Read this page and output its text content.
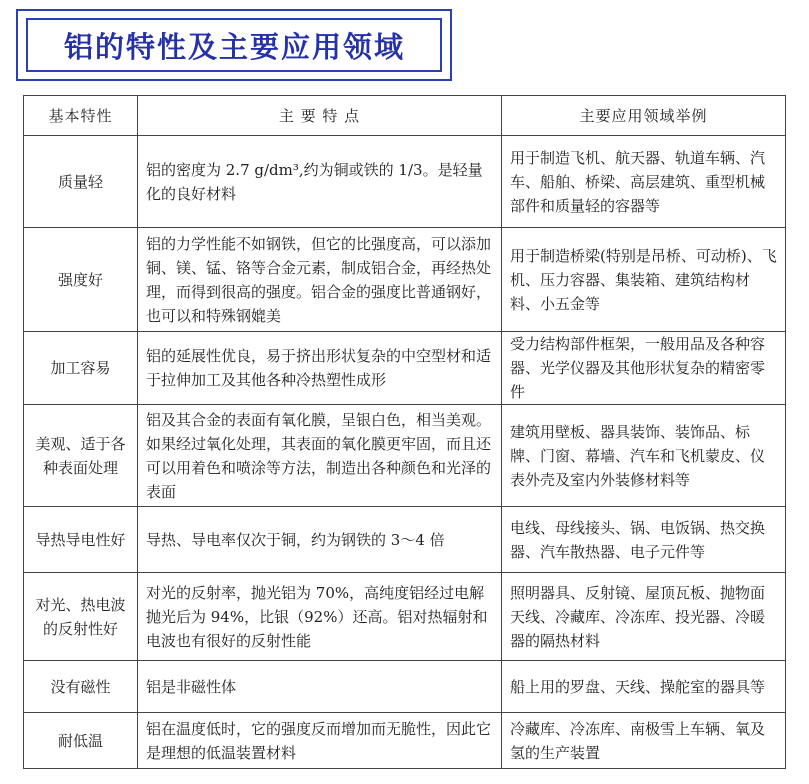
铝的特性及主要应用领域
基本特性	主 要 特 点	主要应用领域举例
质量轻	铝的密度为 2.7 g/dm³,约为铜或铁的 1/3。是轻量化的良好材料	用于制造飞机、航天器、轨道车辆、汽车、船舶、桥梁、高层建筑、重型机械部件和质量轻的容器等
强度好	铝的力学性能不如钢铁，但它的比强度高，可以添加铜、镁、锰、铬等合金元素，制成铝合金，再经热处理，而得到很高的强度。铝合金的强度比普通钢好，也可以和特殊钢媲美	用于制造桥梁(特别是吊桥、可动桥)、飞机、压力容器、集装箱、建筑结构材料、小五金等
加工容易	铝的延展性优良，易于挤出形状复杂的中空型材和适于拉伸加工及其他各种冷热塑性成形	受力结构部件框架，一般用品及各种容器、光学仪器及其他形状复杂的精密零件
美观、适于各种表面处理	铝及其合金的表面有氧化膜，呈银白色，相当美观。如果经过氧化处理，其表面的氧化膜更牢固，而且还可以用着色和喷涂等方法，制造出各种颜色和光泽的表面	建筑用壁板、器具装饰、装饰品、标牌、门窗、幕墙、汽车和飞机蒙皮、仪表外壳及室内外装修材料等
导热导电性好	导热、导电率仅次于铜，约为钢铁的 3～4 倍	电线、母线接头、锅、电饭锅、热交换器、汽车散热器、电子元件等
对光、热电波的反射性好	对光的反射率，抛光铝为 70%，高纯度铝经过电解抛光后为 94%，比银（92%）还高。铝对热辐射和电波也有很好的反射性能	照明器具、反射镜、屋顶瓦板、抛物面天线、冷藏库、冷冻库、投光器、冷暖器的隔热材料
没有磁性	铝是非磁性体	船上用的罗盘、天线、操舵室的器具等
耐低温	铝在温度低时，它的强度反而增加而无脆性，因此它是理想的低温装置材料	冷藏库、冷冻库、南极雪上车辆、氧及氢的生产装置
